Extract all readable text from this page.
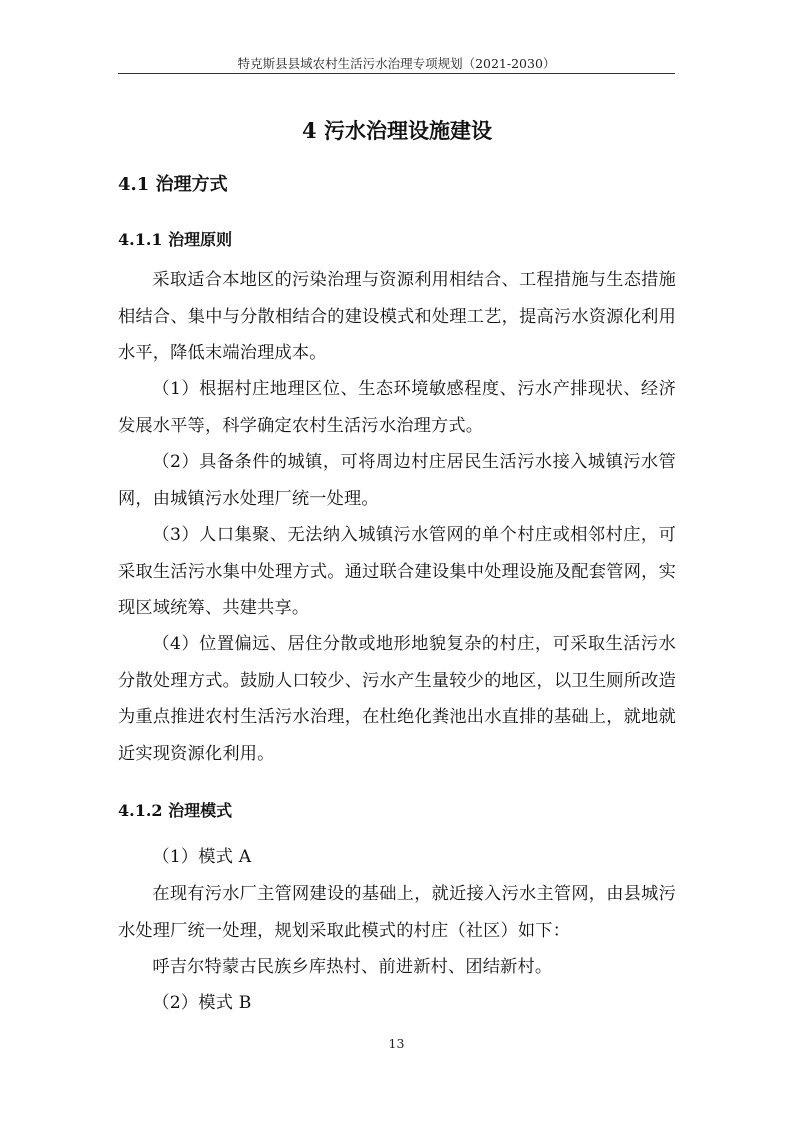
特克斯县县域农村生活污水治理专项规划（2021-2030）
4 污水治理设施建设
4.1 治理方式
4.1.1 治理原则

采取适合本地区的污染治理与资源利用相结合、工程措施与生态措施相结合、集中与分散相结合的建设模式和处理工艺，提高污水资源化利用水平，降低末端治理成本。

（1）根据村庄地理区位、生态环境敏感程度、污水产排现状、经济发展水平等，科学确定农村生活污水治理方式。

（2）具备条件的城镇，可将周边村庄居民生活污水接入城镇污水管网，由城镇污水处理厂统一处理。

（3）人口集聚、无法纳入城镇污水管网的单个村庄或相邻村庄，可采取生活污水集中处理方式。通过联合建设集中处理设施及配套管网，实现区域统筹、共建共享。

（4）位置偏远、居住分散或地形地貌复杂的村庄，可采取生活污水分散处理方式。鼓励人口较少、污水产生量较少的地区，以卫生厕所改造为重点推进农村生活污水治理，在杜绝化粪池出水直排的基础上，就地就近实现资源化利用。

4.1.2 治理模式

（1）模式 A

在现有污水厂主管网建设的基础上，就近接入污水主管网，由县城污水处理厂统一处理，规划采取此模式的村庄（社区）如下：

呼吉尔特蒙古民族乡库热村、前进新村、团结新村。

（2）模式 B

13
